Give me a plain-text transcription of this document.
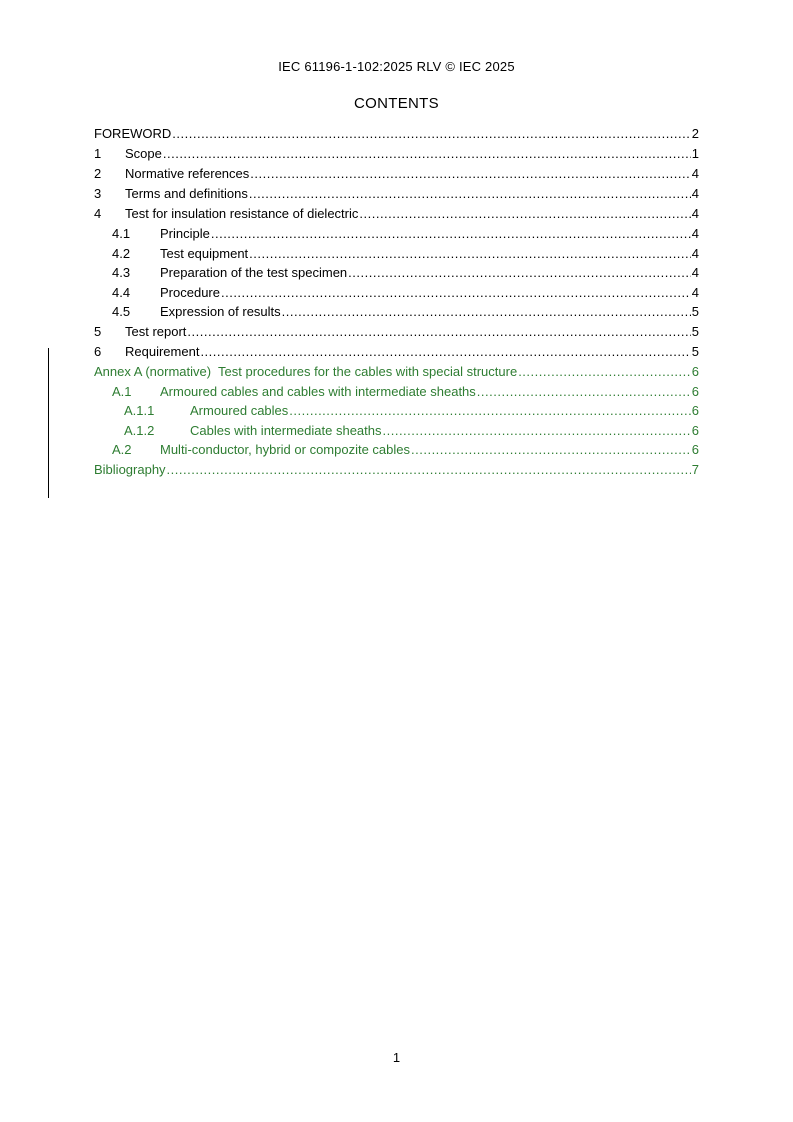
IEC 61196-1-102:2025 RLV © IEC 2025
CONTENTS
FOREWORD .....	2
1	Scope .....	1
2	Normative references .....	4
3	Terms and definitions .....	4
4	Test for insulation resistance of dielectric .....	4
4.1	Principle .....	4
4.2	Test equipment .....	4
4.3	Preparation of the test specimen .....	4
4.4	Procedure .....	4
4.5	Expression of results .....	5
5	Test report .....	5
6	Requirement .....	5
Annex A (normative)  Test procedures for the cables with special structure .....	6
A.1	Armoured cables and cables with intermediate sheaths .....	6
A.1.1	Armoured cables .....	6
A.1.2	Cables with intermediate sheaths .....	6
A.2	Multi-conductor, hybrid or compozite cables .....	6
Bibliography .....	7
1
